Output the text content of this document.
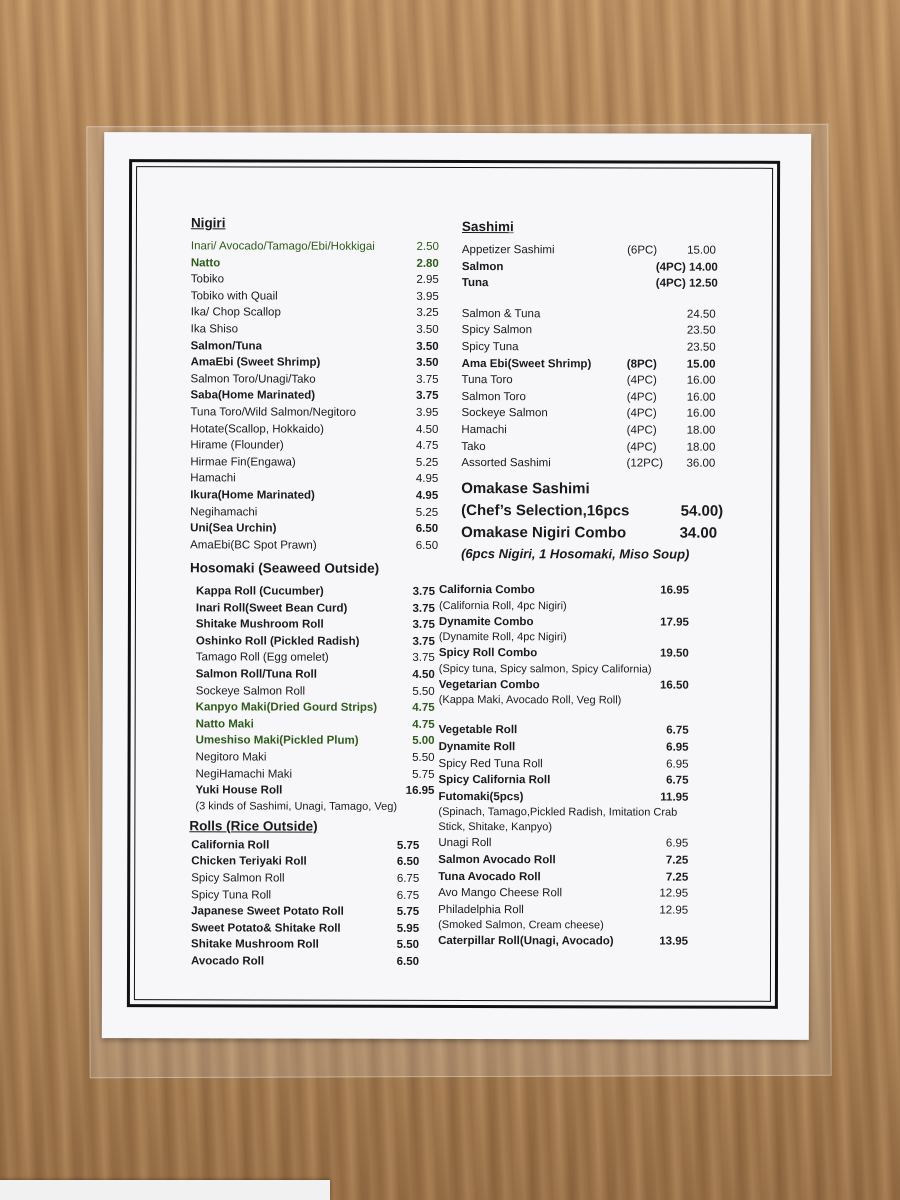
Nigiri
Inari/ Avocado/Tamago/Ebi/Hokkigai	2.50
Natto	2.80
Tobiko	2.95
Tobiko with Quail	3.95
Ika/ Chop Scallop	3.25
Ika Shiso	3.50
Salmon/Tuna	3.50
AmaEbi (Sweet Shrimp)	3.50
Salmon Toro/Unagi/Tako	3.75
Saba(Home Marinated)	3.75
Tuna Toro/Wild Salmon/Negitoro	3.95
Hotate(Scallop, Hokkaido)	4.50
Hirame (Flounder)	4.75
Hirmae Fin(Engawa)	5.25
Hamachi	4.95
Ikura(Home Marinated)	4.95
Negihamachi	5.25
Uni(Sea Urchin)	6.50
AmaEbi(BC Spot Prawn)	6.50
Hosomaki (Seaweed Outside)
Kappa Roll (Cucumber)	3.75
Inari Roll(Sweet Bean Curd)	3.75
Shitake Mushroom Roll	3.75
Oshinko Roll (Pickled Radish)	3.75
Tamago Roll (Egg omelet)	3.75
Salmon Roll/Tuna Roll	4.50
Sockeye Salmon Roll	5.50
Kanpyo Maki(Dried Gourd Strips)	4.75
Natto Maki	4.75
Umeshiso Maki(Pickled Plum)	5.00
Negitoro Maki	5.50
NegiHamachi Maki	5.75
Yuki House Roll	16.95
(3 kinds of Sashimi, Unagi, Tamago, Veg)
Rolls (Rice Outside)
California Roll	5.75
Chicken Teriyaki Roll	6.50
Spicy Salmon Roll	6.75
Spicy Tuna Roll	6.75
Japanese Sweet Potato Roll	5.75
Sweet Potato& Shitake Roll	5.95
Shitake Mushroom Roll	5.50
Avocado Roll	6.50
Sashimi
Appetizer Sashimi	(6PC)	15.00
Salmon	(4PC) 14.00
Tuna	(4PC) 12.50
Salmon & Tuna	24.50
Spicy Salmon	23.50
Spicy Tuna	23.50
Ama Ebi(Sweet Shrimp)	(8PC)	15.00
Tuna Toro	(4PC)	16.00
Salmon Toro	(4PC)	16.00
Sockeye Salmon	(4PC)	16.00
Hamachi	(4PC)	18.00
Tako	(4PC)	18.00
Assorted Sashimi	(12PC) 36.00
Omakase Sashimi
(Chef’s Selection,16pcs	54.00)
Omakase Nigiri Combo	34.00
(6pcs Nigiri, 1 Hosomaki, Miso Soup)
California Combo	16.95
(California Roll, 4pc Nigiri)
Dynamite Combo	17.95
(Dynamite Roll, 4pc Nigiri)
Spicy Roll Combo	19.50
(Spicy tuna, Spicy salmon, Spicy California)
Vegetarian Combo	16.50
(Kappa Maki, Avocado Roll, Veg Roll)
Vegetable Roll	6.75
Dynamite Roll	6.95
Spicy Red Tuna Roll	6.95
Spicy California Roll	6.75
Futomaki(5pcs)	11.95
(Spinach, Tamago,Pickled Radish, Imitation Crab
Stick, Shitake, Kanpyo)
Unagi Roll	6.95
Salmon Avocado Roll	7.25
Tuna Avocado Roll	7.25
Avo Mango Cheese Roll	12.95
Philadelphia Roll	12.95
(Smoked Salmon, Cream cheese)
Caterpillar Roll(Unagi, Avocado)	13.95
